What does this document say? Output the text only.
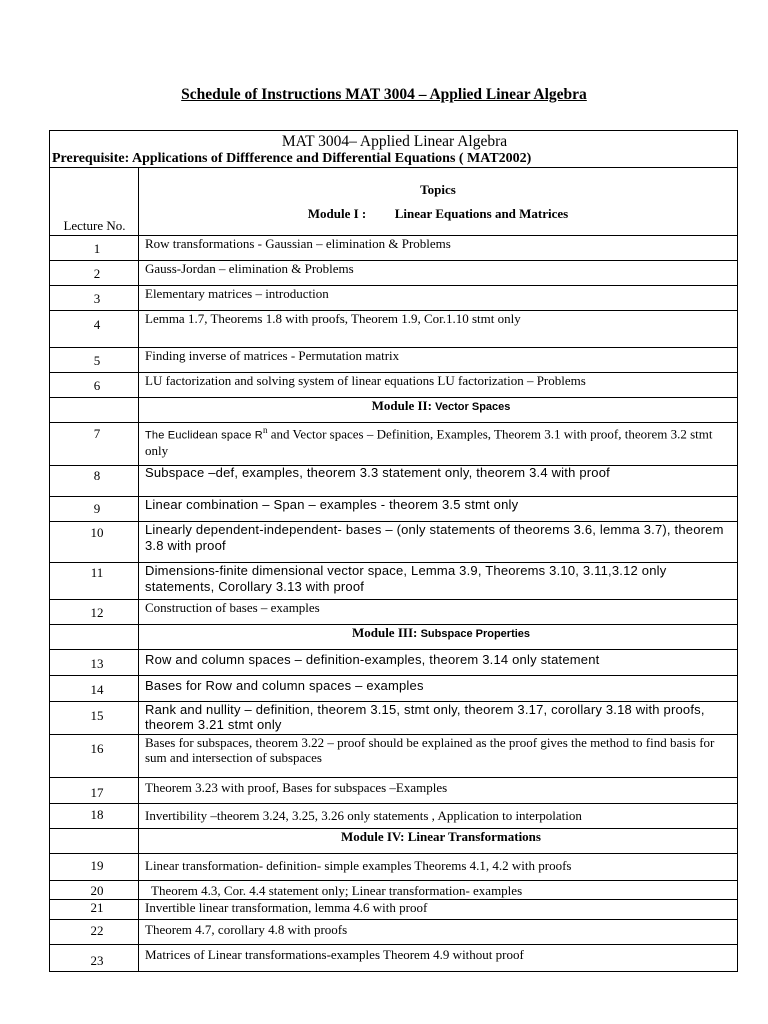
Schedule of Instructions MAT 3004 – Applied Linear Algebra
MAT 3004– Applied Linear Algebra
Prerequisite: Applications of Diffference and Differential Equations ( MAT2002)	

Lecture No.	Topics
Module I : Linear Equations and Matrices

1	Row transformations - Gaussian – elimination & Problems

2	Gauss-Jordan – elimination & Problems

3	Elementary matrices – introduction

4	Lemma 1.7, Theorems 1.8 with proofs, Theorem 1.9, Cor.1.10 stmt only

5	Finding inverse of matrices - Permutation matrix

6	LU factorization and solving system of linear equations LU factorization – Problems
	Module II: Vector Spaces

7	The Euclidean space $R^n$ and Vector spaces – Definition, Examples, Theorem 3.1 with proof, theorem 3.2 stmt only

8	Subspace –def, examples, theorem 3.3 statement only, theorem 3.4 with proof

9	Linear combination – Span – examples - theorem 3.5 stmt only

10	Linearly dependent-independent- bases – (only statements of theorems 3.6, lemma 3.7), theorem 3.8 with proof

11	Dimensions-finite dimensional vector space, Lemma 3.9, Theorems 3.10, 3.11,3.12 only statements, Corollary 3.13 with proof

12	Construction of bases – examples
	Module III: Subspace Properties

13	Row and column spaces – definition-examples, theorem 3.14 only statement

14	Bases for Row and column spaces – examples

15	Rank and nullity – definition, theorem 3.15, stmt only, theorem 3.17, corollary 3.18 with proofs, theorem 3.21 stmt only

16	Bases for subspaces, theorem 3.22 – proof should be explained as the proof gives the method to find basis for sum and intersection of subspaces

17	Theorem 3.23 with proof, Bases for subspaces –Examples

18	Invertibility –theorem 3.24, 3.25, 3.26 only statements , Application to interpolation
	Module IV: Linear Transformations

19	Linear transformation- definition- simple examples Theorems 4.1, 4.2 with proofs

20	Theorem 4.3, Cor. 4.4 statement only; Linear transformation- examples

21	Invertible linear transformation, lemma 4.6 with proof

22	Theorem 4.7, corollary 4.8 with proofs

23	Matrices of Linear transformations-examples Theorem 4.9 without proof
